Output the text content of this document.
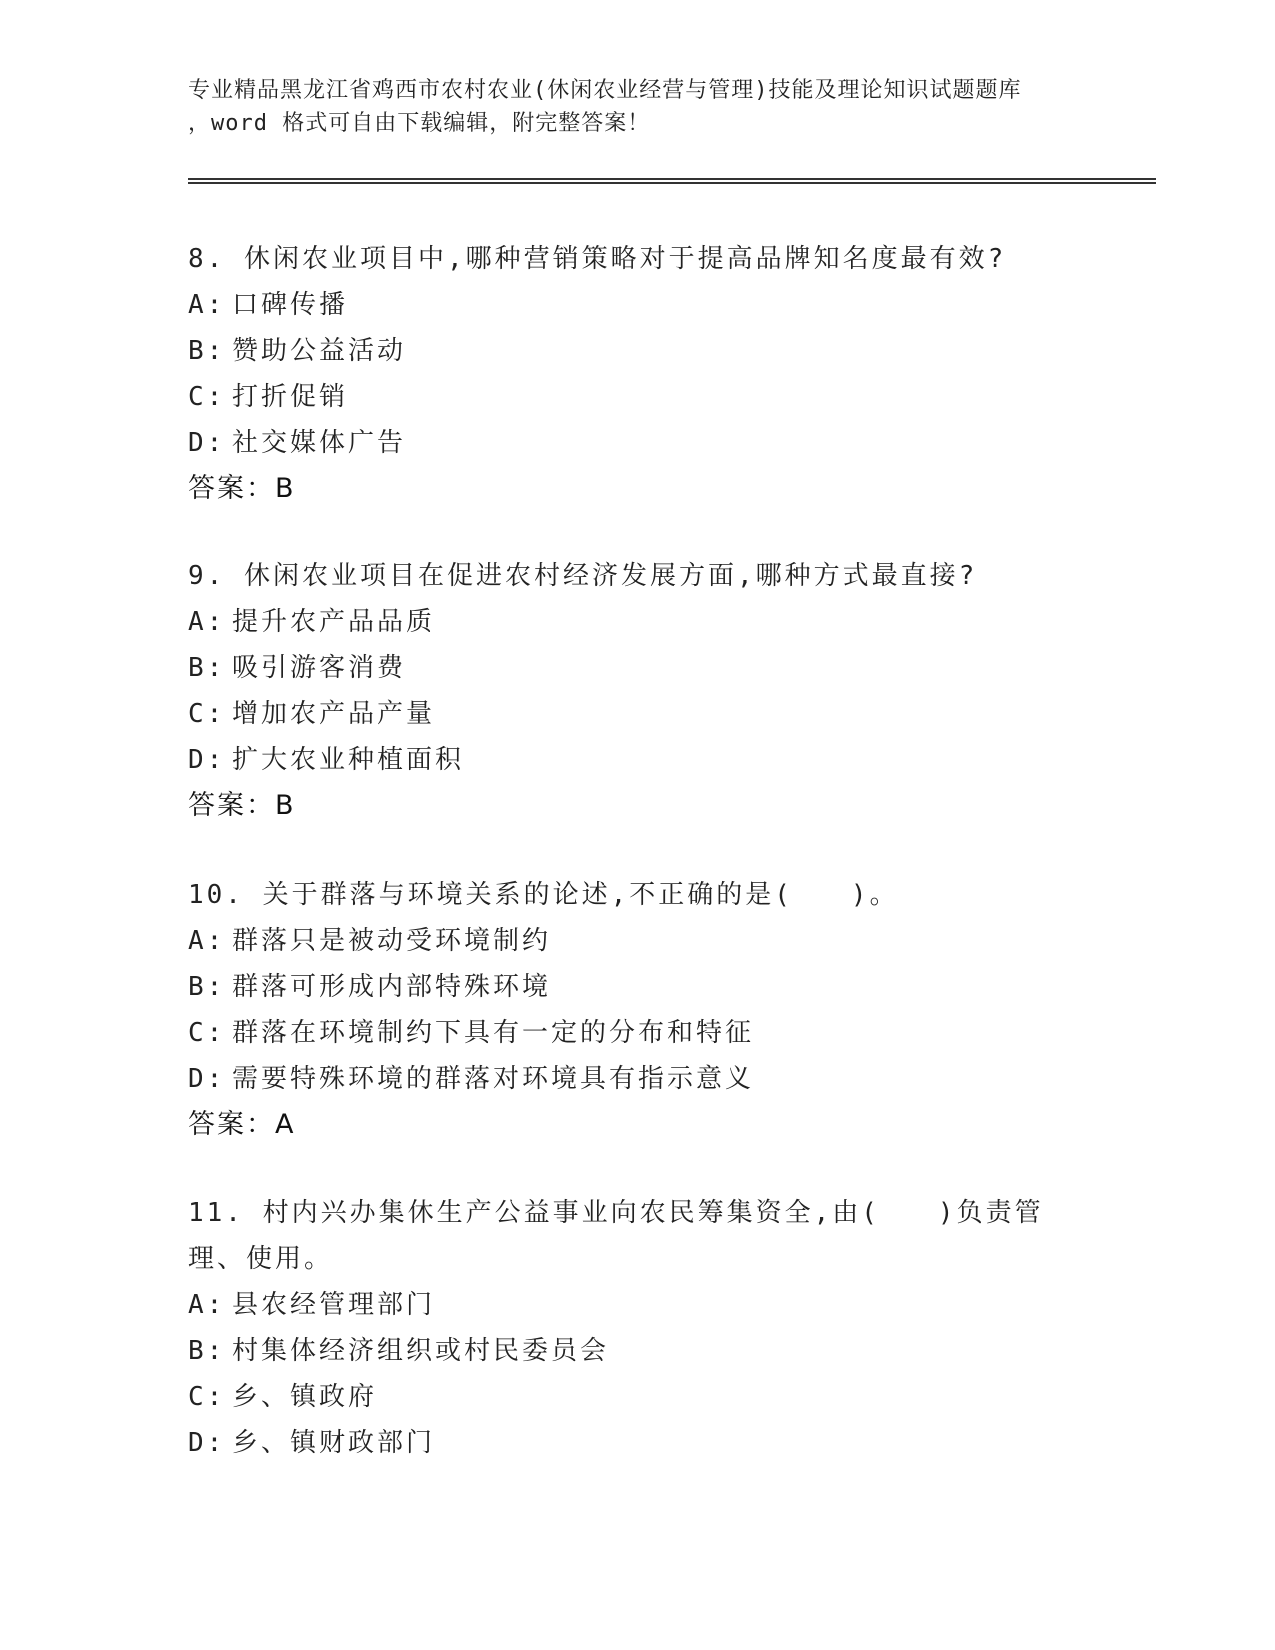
专业精品黑龙江省鸡西市农村农业(休闲农业经营与管理)技能及理论知识试题题库
，word 格式可自由下载编辑，附完整答案！

8. 休闲农业项目中,哪种营销策略对于提高品牌知名度最有效?

A: 口碑传播

B: 赞助公益活动

C: 打折促销

D: 社交媒体广告

答案：B

9. 休闲农业项目在促进农村经济发展方面,哪种方式最直接?

A: 提升农产品品质

B: 吸引游客消费

C: 增加农产品产量

D: 扩大农业种植面积

答案：B

10. 关于群落与环境关系的论述,不正确的是(　　)。

A: 群落只是被动受环境制约

B: 群落可形成内部特殊环境

C: 群落在环境制约下具有一定的分布和特征

D: 需要特殊环境的群落对环境具有指示意义

答案：A

11. 村内兴办集休生产公益事业向农民筹集资全,由(　　)负责管理、使用。

A: 县农经管理部门

B: 村集体经济组织或村民委员会

C: 乡、镇政府

D: 乡、镇财政部门
